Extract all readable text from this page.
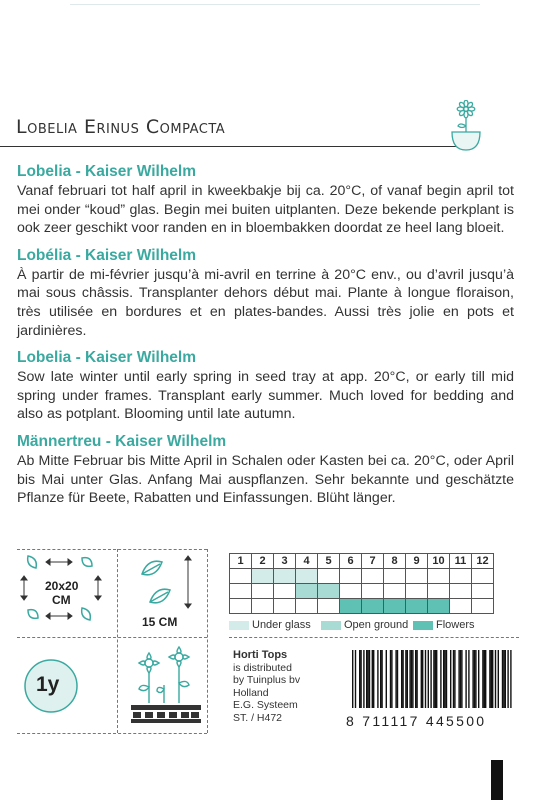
Lobelia Erinus Compacta
Lobelia - Kaiser Wilhelm

Vanaf februari tot half april in kweekbakje bij ca. 20°C, of vanaf begin april tot mei onder “koud” glas. Begin mei buiten uitplanten. Deze bekende perkplant is ook zeer geschikt voor randen en in bloembakken doordat ze heel lang bloeit.

Lobélia - Kaiser Wilhelm

À partir de mi-février jusqu’à mi-avril en terrine à 20°C env., ou d’avril jusqu’à mai sous châssis. Transplanter dehors début mai. Plante à longue floraison, très utilisée en bordures et en plates-bandes. Aussi très jolie en pots et jardinières.

Lobelia - Kaiser Wilhelm

Sow late winter until early spring in seed tray at app. 20°C, or early till mid spring under frames. Transplant early summer. Much loved for bedding and also as potplant. Blooming until late autumn.

Männertreu - Kaiser Wilhelm

Ab Mitte Februar bis Mitte April in Schalen oder Kasten bei ca. 20°C, oder April bis Mai unter Glas. Anfang Mai auspflanzen. Sehr bekannte und geschätzte Pflanze für Beete, Rabatten und Einfassungen. Blüht länger.

20x20
CM
15 CM
1y
1	2	3	4	5	6	7	8	9	10	11	12

Under glass	Open ground	Flowers
Horti Tops
is distributed
by Tuinplus bv
Holland
E.G. Systeem
ST. / H472	8 711117 445500
